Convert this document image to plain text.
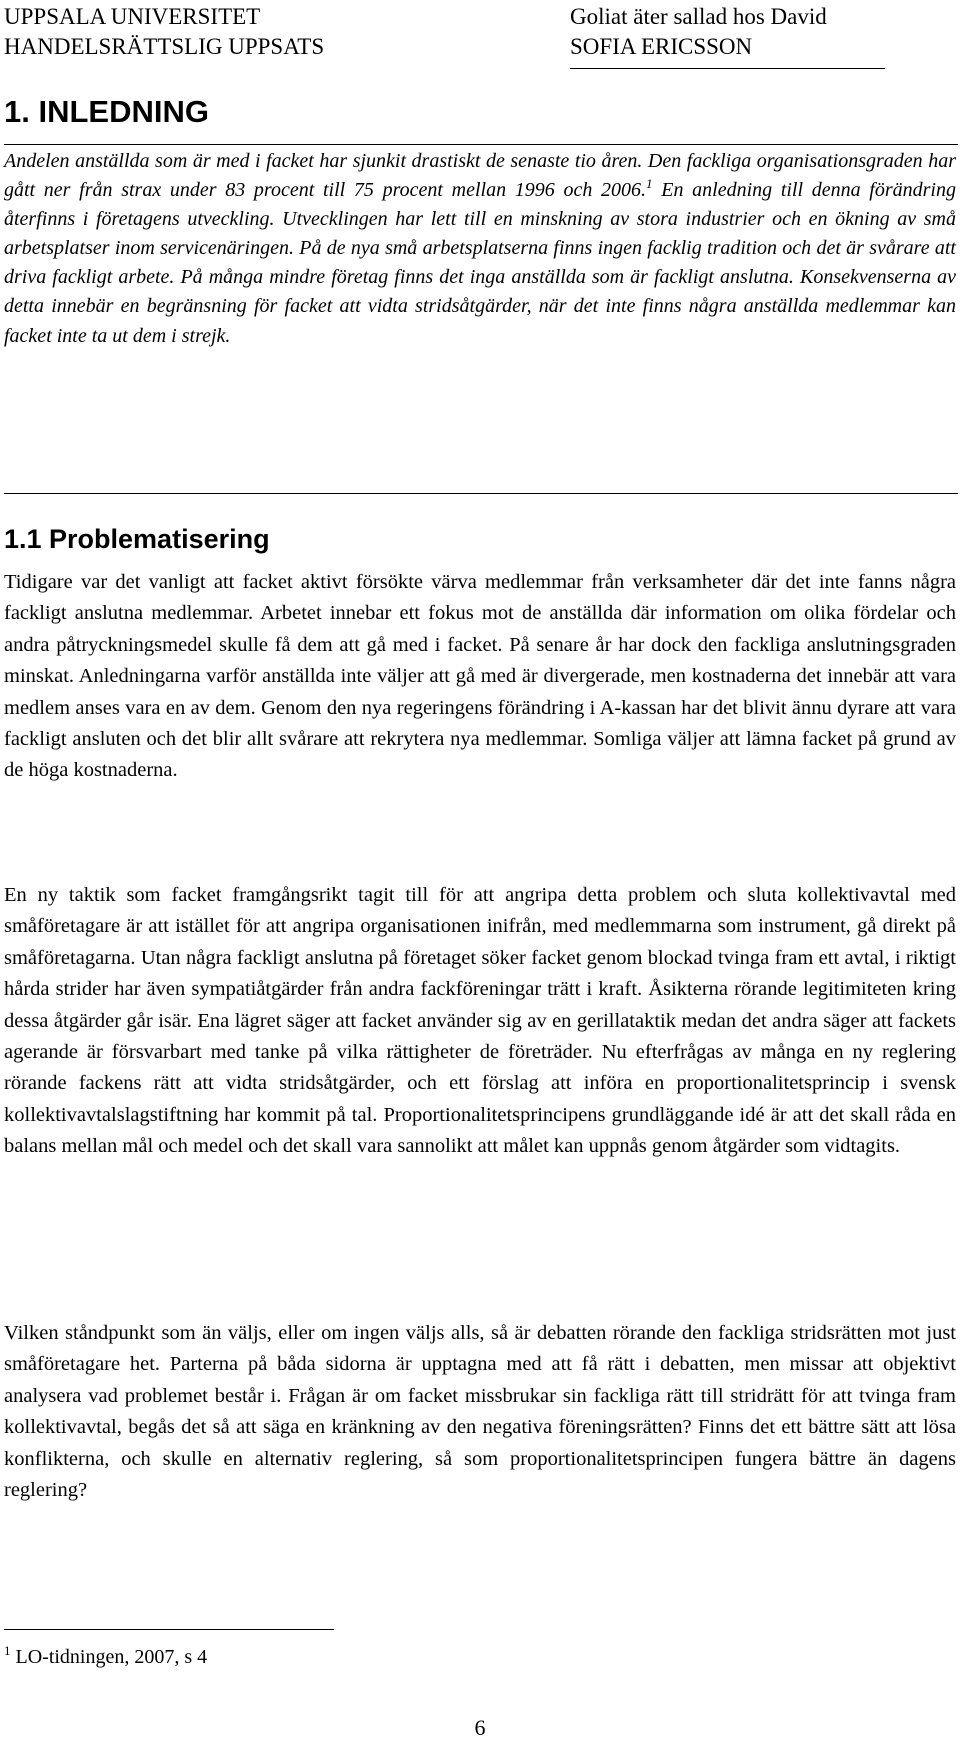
UPPSALA UNIVERSITET
HANDELSRÄTTSLIG UPPSATS
Goliat äter sallad hos David
SOFIA ERICSSON
1. INLEDNING

Andelen anställda som är med i facket har sjunkit drastiskt de senaste tio åren. Den fackliga organisationsgraden har gått ner från strax under 83 procent till 75 procent mellan 1996 och 2006.$^1$ En anledning till denna förändring återfinns i företagens utveckling. Utvecklingen har lett till en minskning av stora industrier och en ökning av små arbetsplatser inom servicenäringen. På de nya små arbetsplatserna finns ingen facklig tradition och det är svårare att driva fackligt arbete. På många mindre företag finns det inga anställda som är fackligt anslutna. Konsekvenserna av detta innebär en begränsning för facket att vidta stridsåtgärder, när det inte finns några anställda medlemmar kan facket inte ta ut dem i strejk.

1.1 Problematisering

Tidigare var det vanligt att facket aktivt försökte värva medlemmar från verksamheter där det inte fanns några fackligt anslutna medlemmar. Arbetet innebar ett fokus mot de anställda där information om olika fördelar och andra påtryckningsmedel skulle få dem att gå med i facket. På senare år har dock den fackliga anslutningsgraden minskat. Anledningarna varför anställda inte väljer att gå med är divergerade, men kostnaderna det innebär att vara medlem anses vara en av dem. Genom den nya regeringens förändring i A-kassan har det blivit ännu dyrare att vara fackligt ansluten och det blir allt svårare att rekrytera nya medlemmar. Somliga väljer att lämna facket på grund av de höga kostnaderna.

En ny taktik som facket framgångsrikt tagit till för att angripa detta problem och sluta kollektivavtal med småföretagare är att istället för att angripa organisationen inifrån, med medlemmarna som instrument, gå direkt på småföretagarna. Utan några fackligt anslutna på företaget söker facket genom blockad tvinga fram ett avtal, i riktigt hårda strider har även sympatiåtgärder från andra fackföreningar trätt i kraft. Åsikterna rörande legitimiteten kring dessa åtgärder går isär. Ena lägret säger att facket använder sig av en gerillataktik medan det andra säger att fackets agerande är försvarbart med tanke på vilka rättigheter de företräder. Nu efterfrågas av många en ny reglering rörande fackens rätt att vidta stridsåtgärder, och ett förslag att införa en proportionalitetsprincip i svensk kollektivavtalslagstiftning har kommit på tal. Proportionalitetsprincipens grundläggande idé är att det skall råda en balans mellan mål och medel och det skall vara sannolikt att målet kan uppnås genom åtgärder som vidtagits.

Vilken ståndpunkt som än väljs, eller om ingen väljs alls, så är debatten rörande den fackliga stridsrätten mot just småföretagare het. Parterna på båda sidorna är upptagna med att få rätt i debatten, men missar att objektivt analysera vad problemet består i. Frågan är om facket missbrukar sin fackliga rätt till stridrätt för att tvinga fram kollektivavtal, begås det så att säga en kränkning av den negativa föreningsrätten? Finns det ett bättre sätt att lösa konflikterna, och skulle en alternativ reglering, så som proportionalitetsprincipen fungera bättre än dagens reglering?

$^1$ LO-tidningen, 2007, s 4
6
